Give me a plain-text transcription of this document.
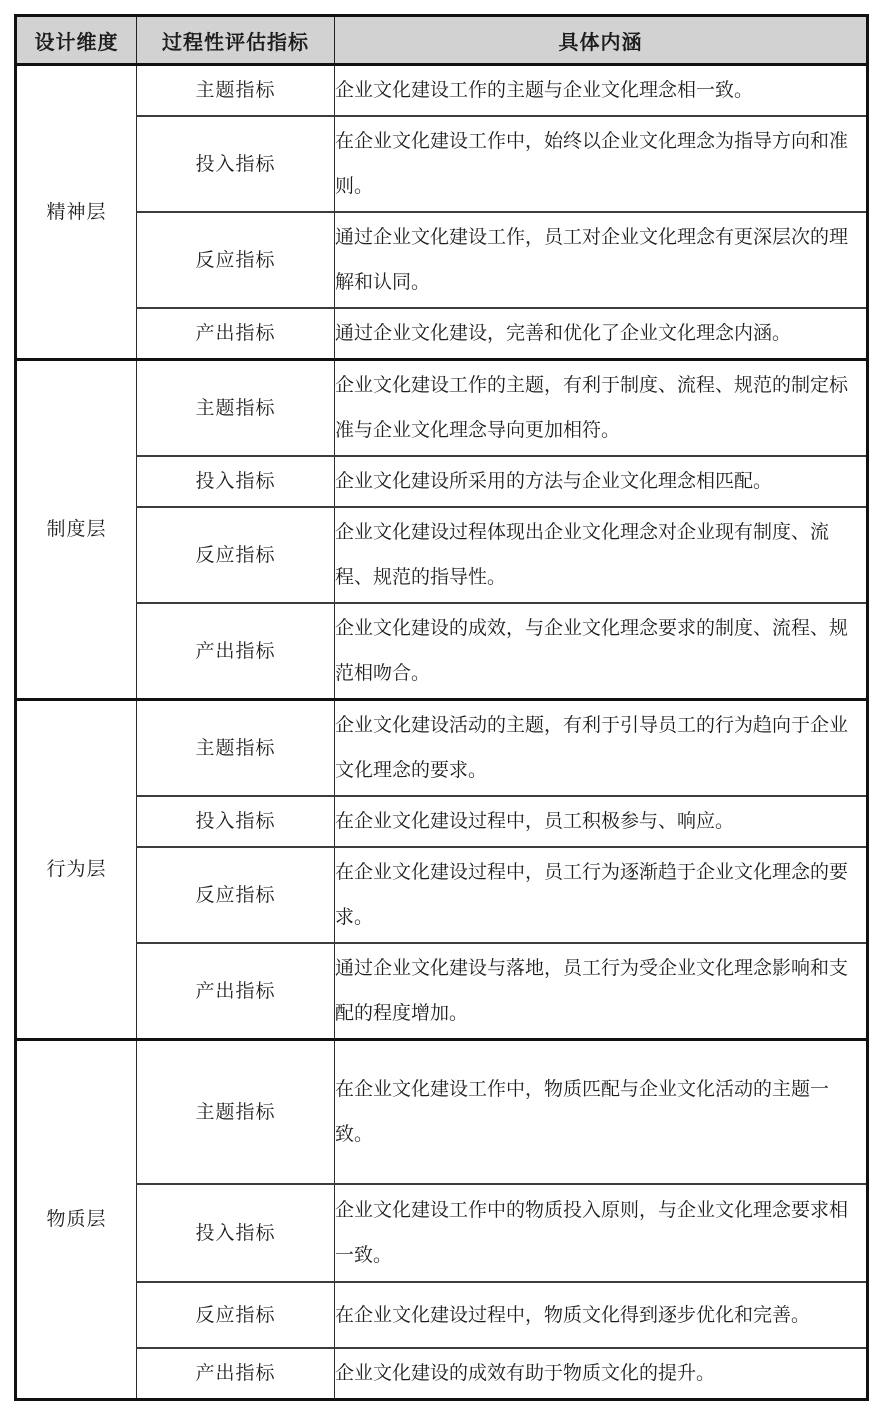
设计维度	过程性评估指标	具体内涵
精神层	主题指标	企业文化建设工作的主题与企业文化理念相一致。
	投入指标	在企业文化建设工作中，始终以企业文化理念为指导方向和准则。
	反应指标	通过企业文化建设工作，员工对企业文化理念有更深层次的理解和认同。
	产出指标	通过企业文化建设，完善和优化了企业文化理念内涵。
制度层	主题指标	企业文化建设工作的主题，有利于制度、流程、规范的制定标准与企业文化理念导向更加相符。
	投入指标	企业文化建设所采用的方法与企业文化理念相匹配。
	反应指标	企业文化建设过程体现出企业文化理念对企业现有制度、流程、规范的指导性。
	产出指标	企业文化建设的成效，与企业文化理念要求的制度、流程、规范相吻合。
行为层	主题指标	企业文化建设活动的主题，有利于引导员工的行为趋向于企业文化理念的要求。
	投入指标	在企业文化建设过程中，员工积极参与、响应。
	反应指标	在企业文化建设过程中，员工行为逐渐趋于企业文化理念的要求。
	产出指标	通过企业文化建设与落地，员工行为受企业文化理念影响和支配的程度增加。
物质层	主题指标	在企业文化建设工作中，物质匹配与企业文化活动的主题一致。
	投入指标	企业文化建设工作中的物质投入原则，与企业文化理念要求相一致。
	反应指标	在企业文化建设过程中，物质文化得到逐步优化和完善。
	产出指标	企业文化建设的成效有助于物质文化的提升。
